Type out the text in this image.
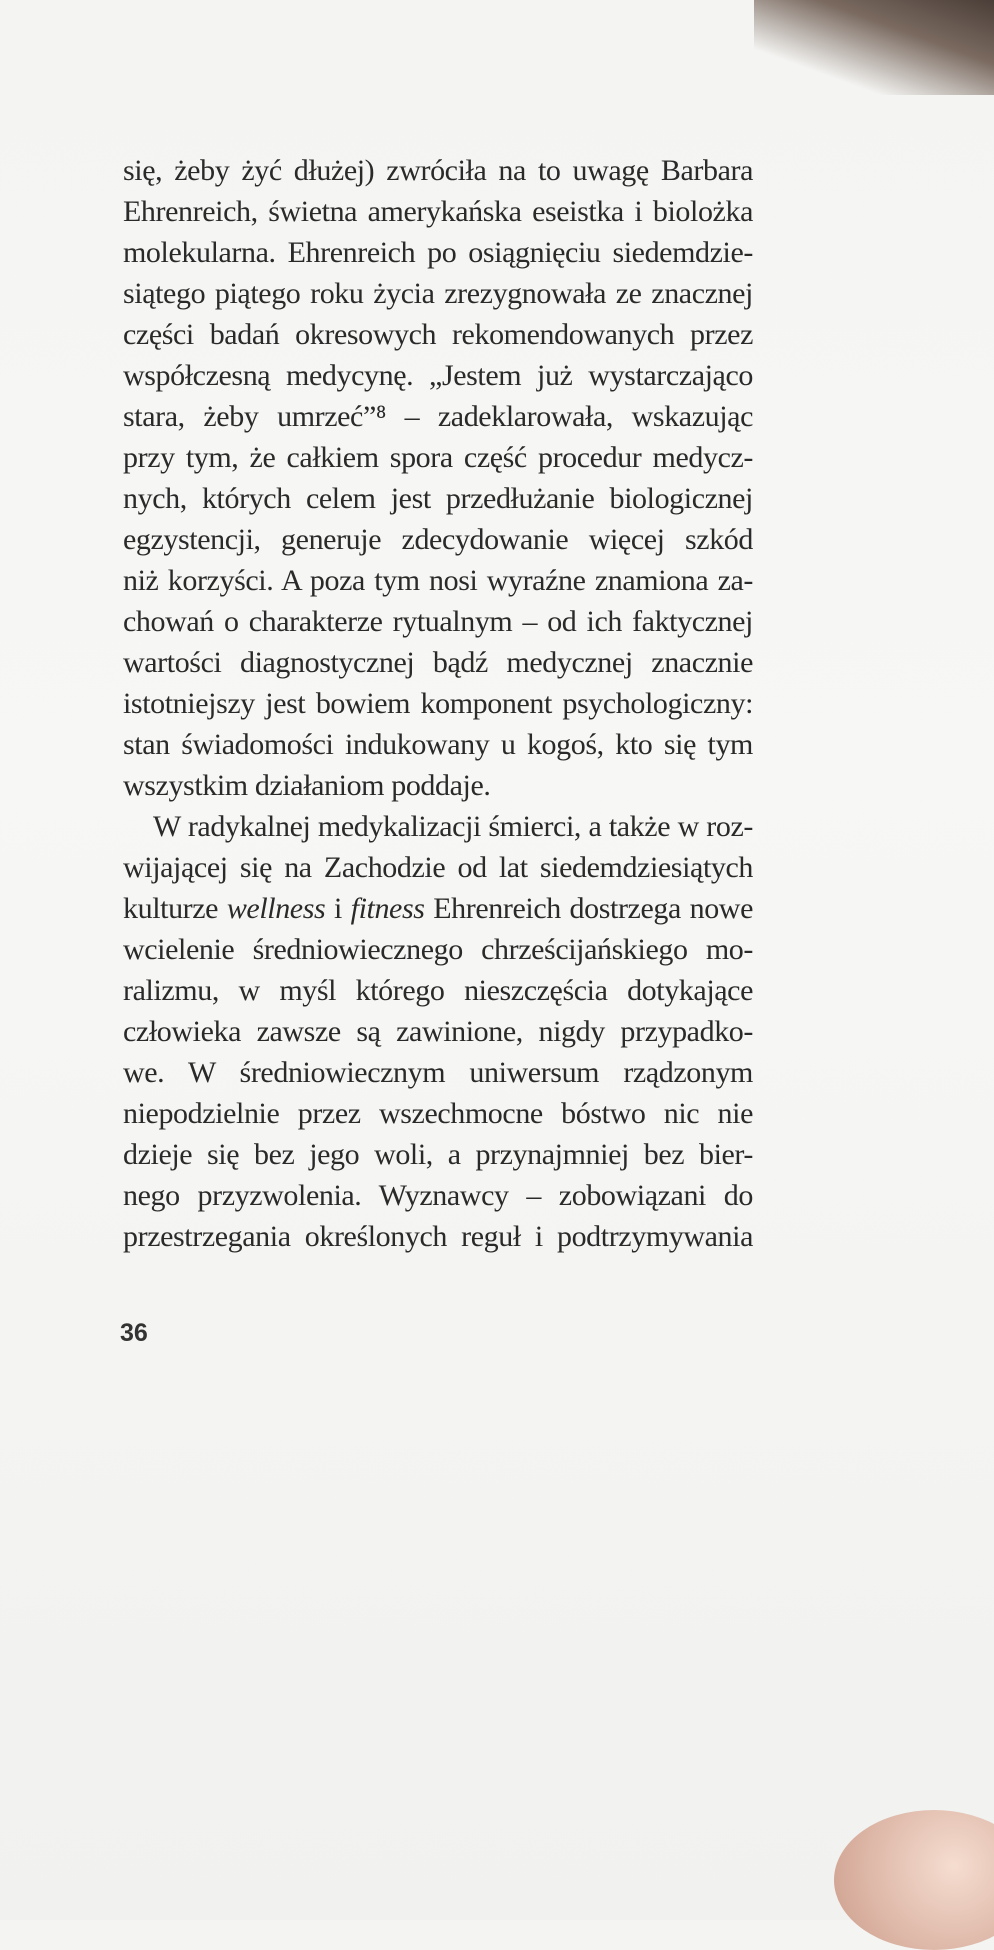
się, żeby żyć dłużej) zwróciła na to uwagę Barbara
Ehrenreich, świetna amerykańska eseistka i biolożka
molekularna. Ehrenreich po osiągnięciu siedemdzie-
siątego piątego roku życia zrezygnowała ze znacznej
części badań okresowych rekomendowanych przez
współczesną medycynę. „Jestem już wystarczająco
stara, żeby umrzeć”⁸ – zadeklarowała, wskazując
przy tym, że całkiem spora część procedur medycz-
nych, których celem jest przedłużanie biologicznej
egzystencji, generuje zdecydowanie więcej szkód
niż korzyści. A poza tym nosi wyraźne znamiona za-
chowań o charakterze rytualnym – od ich faktycznej
wartości diagnostycznej bądź medycznej znacznie
istotniejszy jest bowiem komponent psychologiczny:
stan świadomości indukowany u kogoś, kto się tym
wszystkim działaniom poddaje.
W radykalnej medykalizacji śmierci, a także w roz-
wijającej się na Zachodzie od lat siedemdziesiątych
kulturze wellness i fitness Ehrenreich dostrzega nowe
wcielenie średniowiecznego chrześcijańskiego mo-
ralizmu, w myśl którego nieszczęścia dotykające
człowieka zawsze są zawinione, nigdy przypadko-
we. W średniowiecznym uniwersum rządzonym
niepodzielnie przez wszechmocne bóstwo nic nie
dzieje się bez jego woli, a przynajmniej bez bier-
nego przyzwolenia. Wyznawcy – zobowiązani do
przestrzegania określonych reguł i podtrzymywania
36
